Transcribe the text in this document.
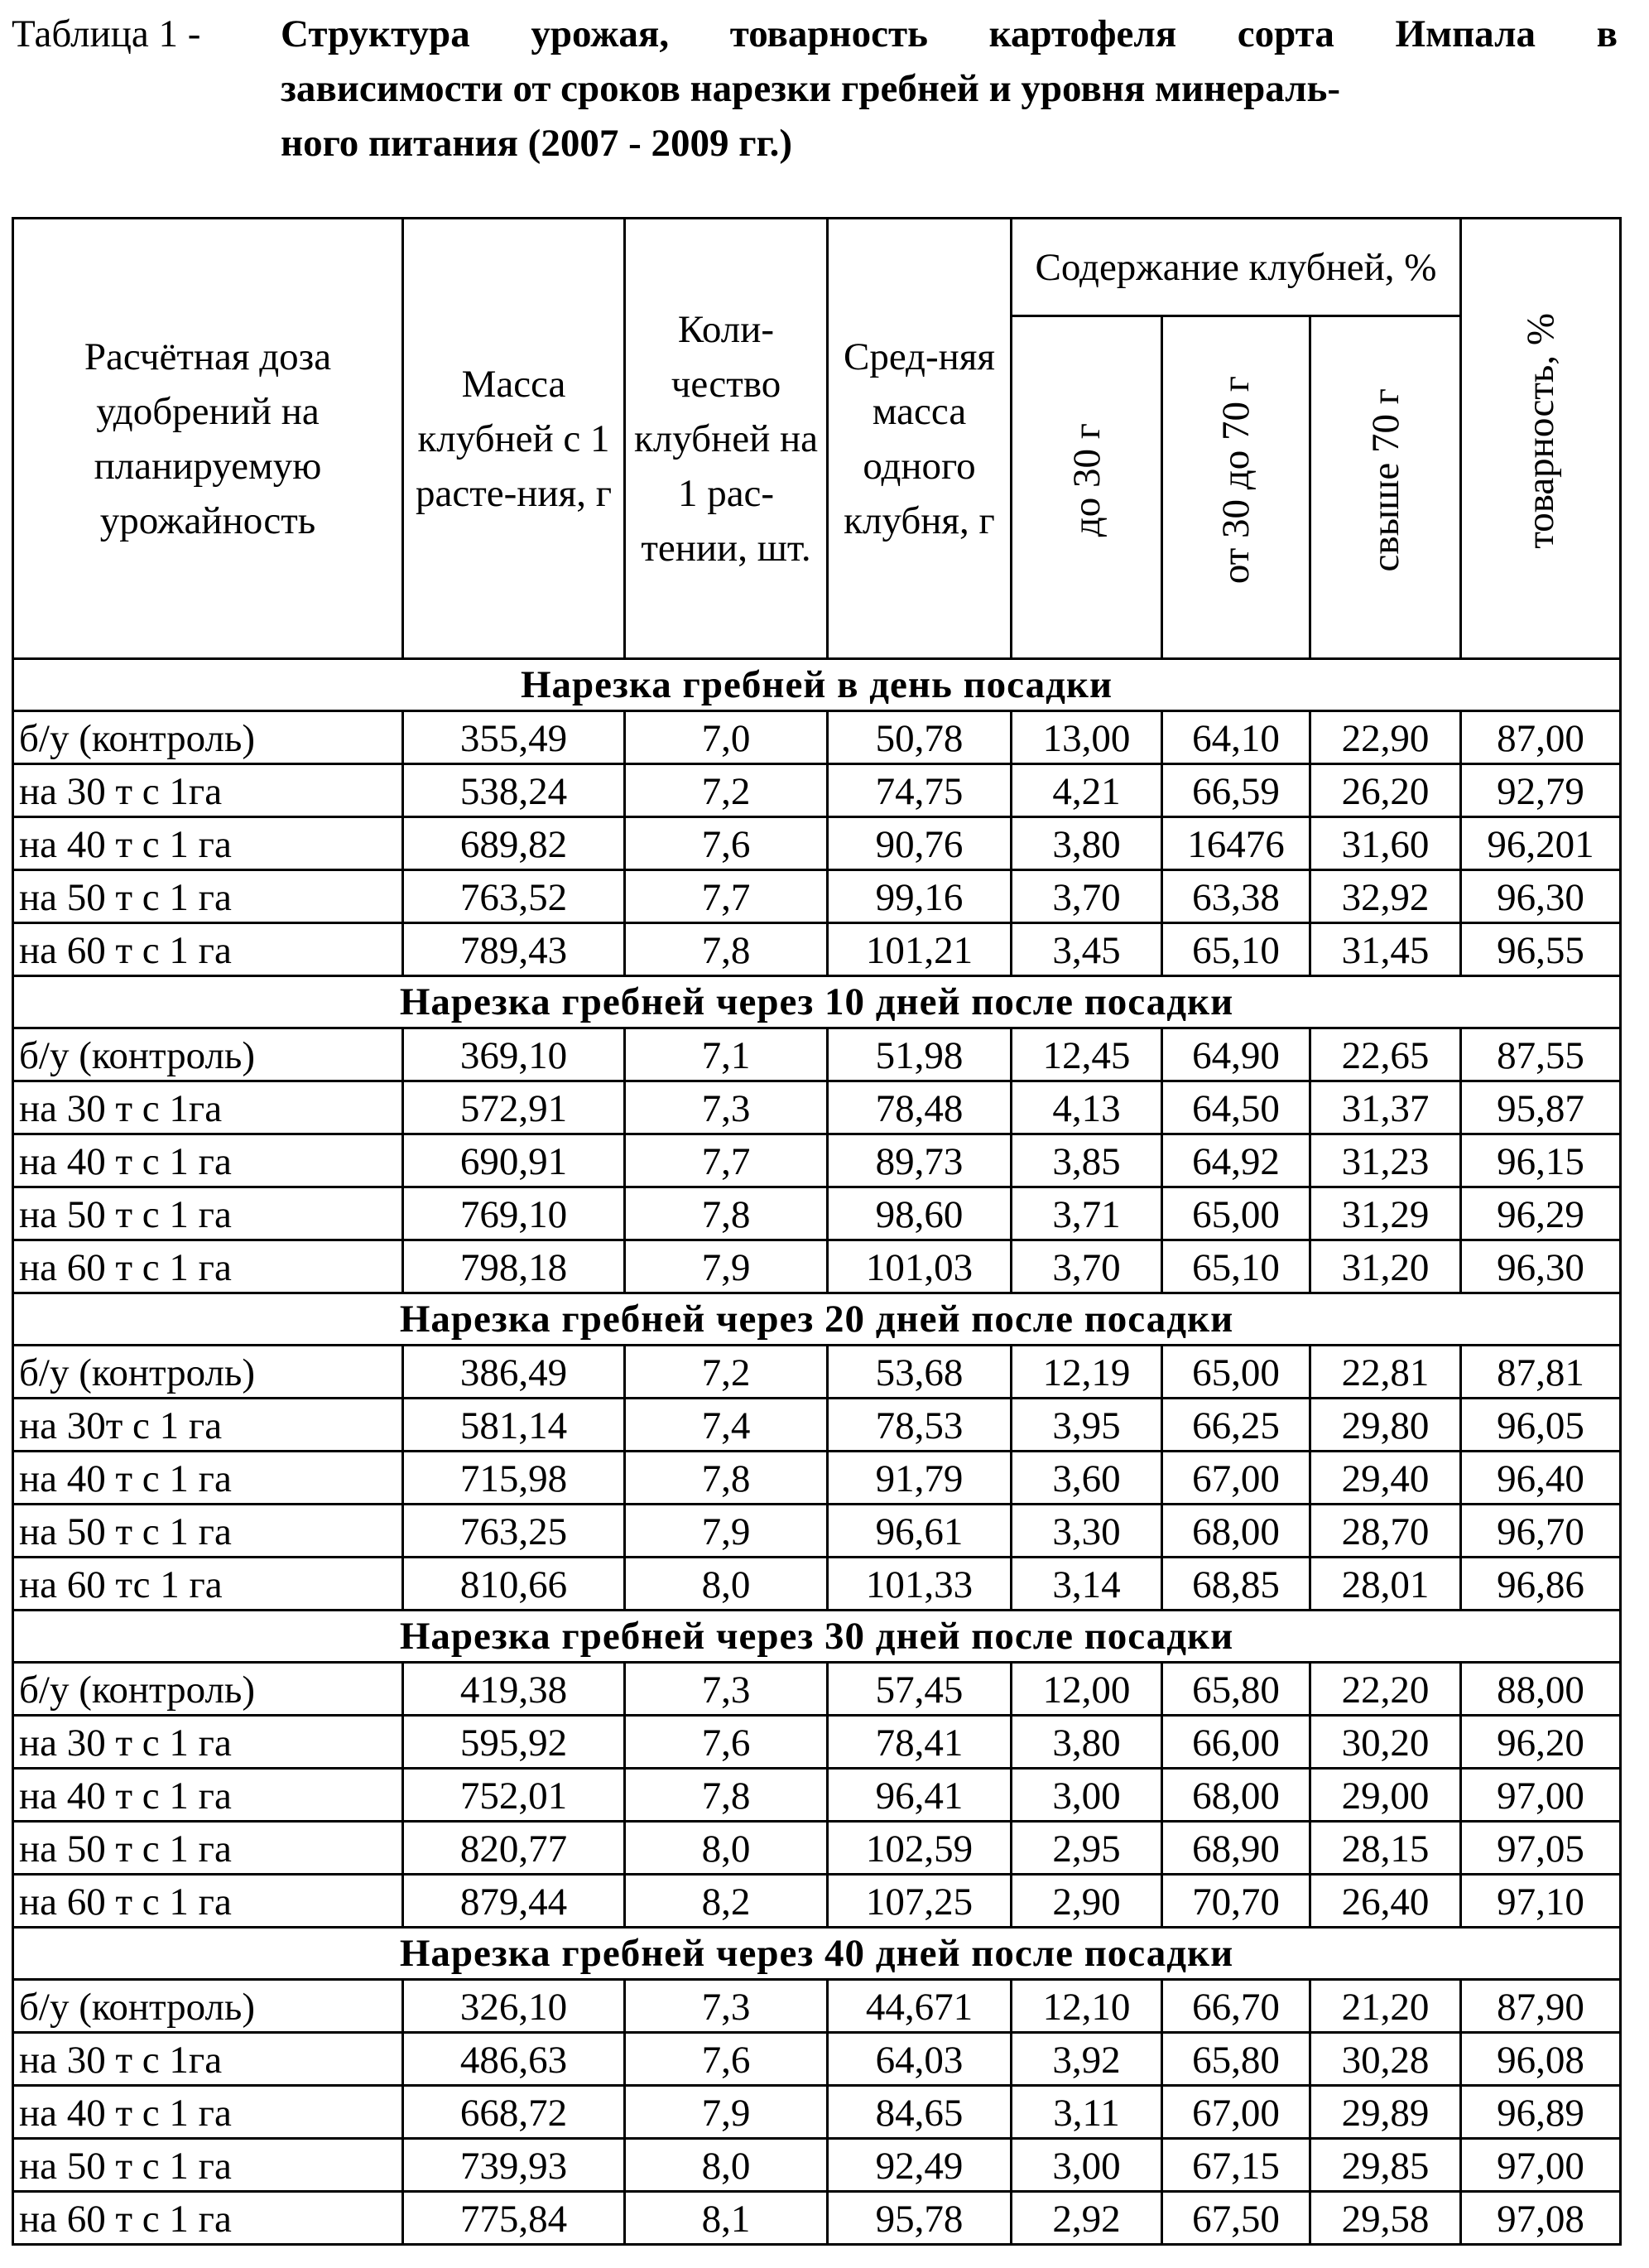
Таблица 1 - Структура урожая, товарность картофеля сорта Импала в
зависимости от сроков нарезки гребней и уровня минераль-
ного питания (2007 - 2009 гг.)
Расчётная доза удобрений на планируемую урожайность	Масса клубней с 1 расте-ния, г	Коли-чество клубней на 1 рас-тении, шт.	Сред-няя масса одного клубня, г	Содержание клубней, %			товарность, %
				до 30 г	от 30 до 70 г	свыше 70 г	
Нарезка гребней в день посадки							
б/у (контроль)	355,49	7,0	50,78	13,00	64,10	22,90	87,00
на 30 т с 1га	538,24	7,2	74,75	4,21	66,59	26,20	92,79
на 40 т с 1 га	689,82	7,6	90,76	3,80	16476	31,60	96,201
на 50 т с 1 га	763,52	7,7	99,16	3,70	63,38	32,92	96,30
на 60 т с 1 га	789,43	7,8	101,21	3,45	65,10	31,45	96,55
Нарезка гребней через 10 дней после посадки							
б/у (контроль)	369,10	7,1	51,98	12,45	64,90	22,65	87,55
на 30 т с 1га	572,91	7,3	78,48	4,13	64,50	31,37	95,87
на 40 т с 1 га	690,91	7,7	89,73	3,85	64,92	31,23	96,15
на 50 т с 1 га	769,10	7,8	98,60	3,71	65,00	31,29	96,29
на 60 т с 1 га	798,18	7,9	101,03	3,70	65,10	31,20	96,30
Нарезка гребней через 20 дней после посадки							
б/у (контроль)	386,49	7,2	53,68	12,19	65,00	22,81	87,81
на 30т с 1 га	581,14	7,4	78,53	3,95	66,25	29,80	96,05
на 40 т с 1 га	715,98	7,8	91,79	3,60	67,00	29,40	96,40
на 50 т с 1 га	763,25	7,9	96,61	3,30	68,00	28,70	96,70
на 60 тс 1 га	810,66	8,0	101,33	3,14	68,85	28,01	96,86
Нарезка гребней через 30 дней после посадки							
б/у (контроль)	419,38	7,3	57,45	12,00	65,80	22,20	88,00
на 30 т с 1 га	595,92	7,6	78,41	3,80	66,00	30,20	96,20
на 40 т с 1 га	752,01	7,8	96,41	3,00	68,00	29,00	97,00
на 50 т с 1 га	820,77	8,0	102,59	2,95	68,90	28,15	97,05
на 60 т с 1 га	879,44	8,2	107,25	2,90	70,70	26,40	97,10
Нарезка гребней через 40 дней после посадки							
б/у (контроль)	326,10	7,3	44,671	12,10	66,70	21,20	87,90
на 30 т с 1га	486,63	7,6	64,03	3,92	65,80	30,28	96,08
на 40 т с 1 га	668,72	7,9	84,65	3,11	67,00	29,89	96,89
на 50 т с 1 га	739,93	8,0	92,49	3,00	67,15	29,85	97,00
на 60 т с 1 га	775,84	8,1	95,78	2,92	67,50	29,58	97,08
